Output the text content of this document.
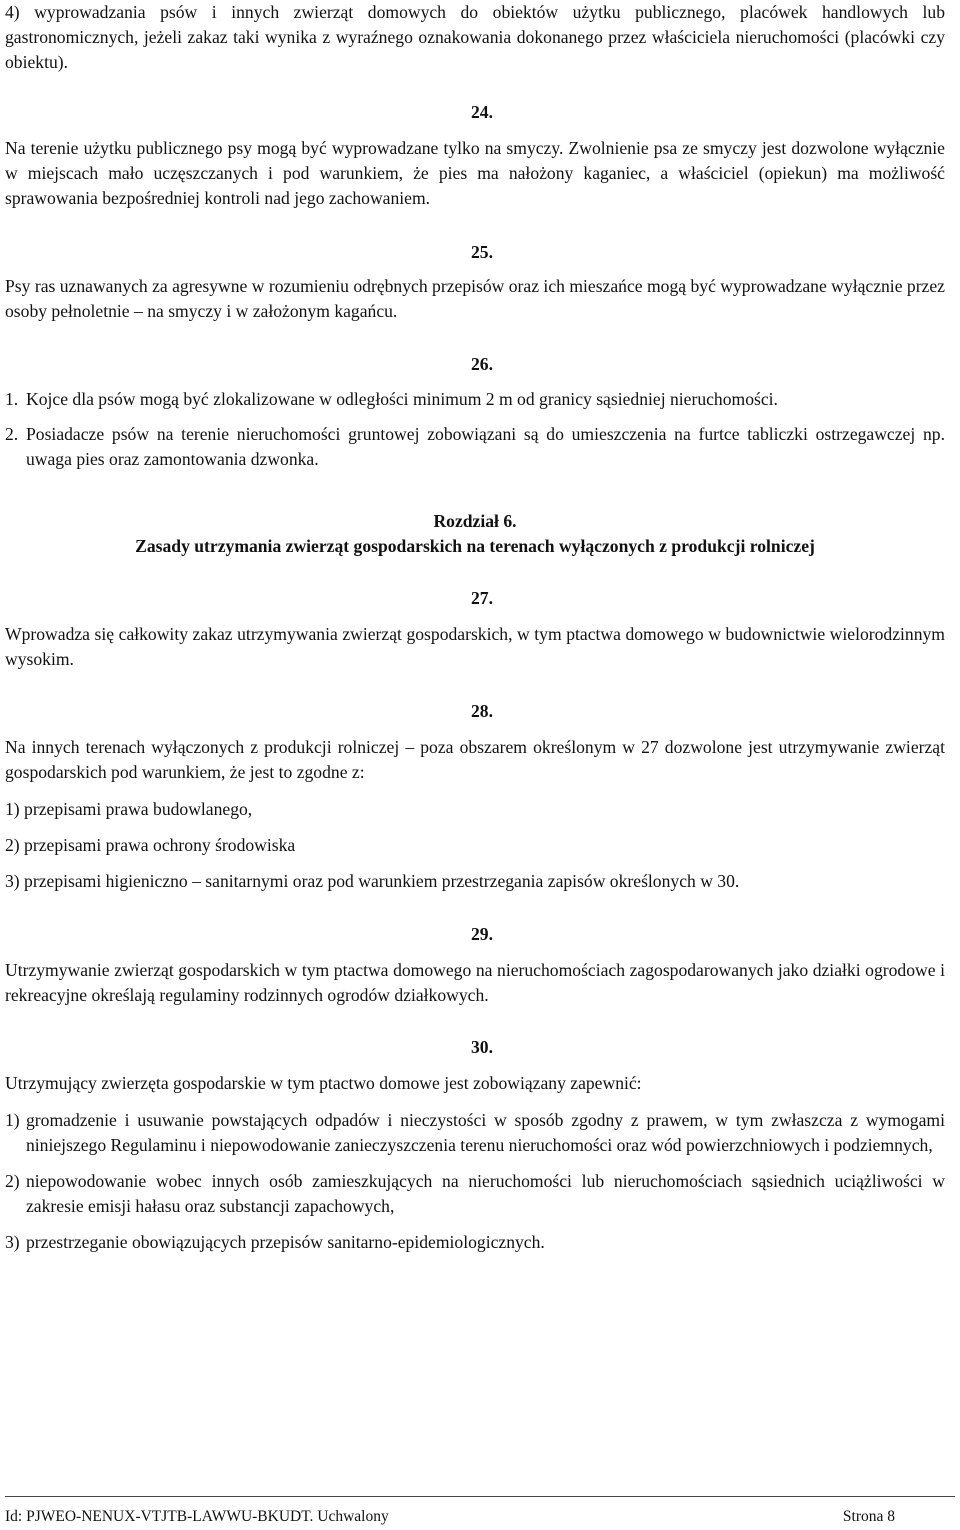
4) wyprowadzania psów i innych zwierząt domowych do obiektów użytku publicznego, placówek handlowych lub gastronomicznych, jeżeli zakaz taki wynika z wyraźnego oznakowania dokonanego przez właściciela nieruchomości (placówki czy obiektu).

24.

Na terenie użytku publicznego psy mogą być wyprowadzane tylko na smyczy. Zwolnienie psa ze smyczy jest dozwolone wyłącznie w miejscach mało uczęszczanych i pod warunkiem, że pies ma nałożony kaganiec, a właściciel (opiekun) ma możliwość sprawowania bezpośredniej kontroli nad jego zachowaniem.

25.

Psy ras uznawanych za agresywne w rozumieniu odrębnych przepisów oraz ich mieszańce mogą być wyprowadzane wyłącznie przez osoby pełnoletnie – na smyczy i w założonym kagańcu.

26.

1. Kojce dla psów mogą być zlokalizowane w odległości minimum 2 m od granicy sąsiedniej nieruchomości.

2. Posiadacze psów na terenie nieruchomości gruntowej zobowiązani są do umieszczenia na furtce tabliczki ostrzegawczej np. uwaga pies oraz zamontowania dzwonka.

Rozdział 6.

Zasady utrzymania zwierząt gospodarskich na terenach wyłączonych z produkcji rolniczej

27.

Wprowadza się całkowity zakaz utrzymywania zwierząt gospodarskich, w tym ptactwa domowego w budownictwie wielorodzinnym wysokim.

28.

Na innych terenach wyłączonych z produkcji rolniczej – poza obszarem określonym w 27 dozwolone jest utrzymywanie zwierząt gospodarskich pod warunkiem, że jest to zgodne z:

1) przepisami prawa budowlanego,

2) przepisami prawa ochrony środowiska

3) przepisami higieniczno – sanitarnymi oraz pod warunkiem przestrzegania zapisów określonych w 30.

29.

Utrzymywanie zwierząt gospodarskich w tym ptactwa domowego na nieruchomościach zagospodarowanych jako działki ogrodowe i rekreacyjne określają regulaminy rodzinnych ogrodów działkowych.

30.

Utrzymujący zwierzęta gospodarskie w tym ptactwo domowe jest zobowiązany zapewnić:

1) gromadzenie i usuwanie powstających odpadów i nieczystości w sposób zgodny z prawem, w tym zwłaszcza z wymogami niniejszego Regulaminu i niepowodowanie zanieczyszczenia terenu nieruchomości oraz wód powierzchniowych i podziemnych,

2) niepowodowanie wobec innych osób zamieszkujących na nieruchomości lub nieruchomościach sąsiednich uciążliwości w zakresie emisji hałasu oraz substancji zapachowych,

3) przestrzeganie obowiązujących przepisów sanitarno-epidemiologicznych.

Id: PJWEO-NENUX-VTJTB-LAWWU-BKUDT. Uchwalony	Strona 8
